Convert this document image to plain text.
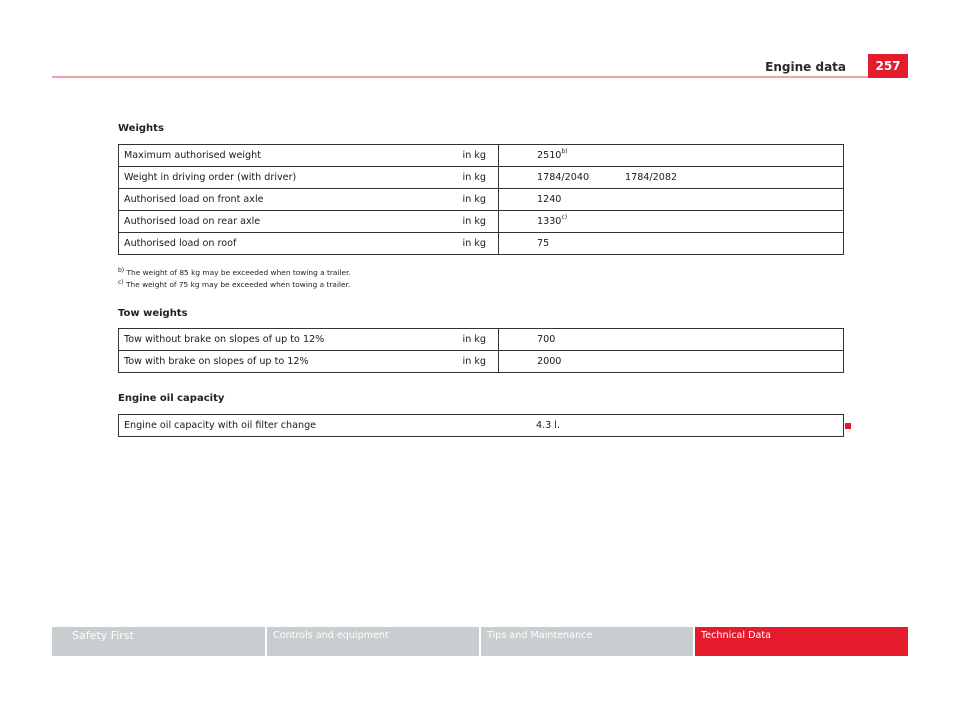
Engine data	257
Weights
Maximum authorised weight	in kg	2510$^{b)}$	
Weight in driving order (with driver)	in kg	1784/2040	1784/2082
Authorised load on front axle	in kg	1240	
Authorised load on rear axle	in kg	1330$^{c)}$	
Authorised load on roof	in kg	75	
$^{b)}$ The weight of 85 kg may be exceeded when towing a trailer.
$^{c)}$ The weight of 75 kg may be exceeded when towing a trailer.
Tow weights
Tow without brake on slopes of up to 12%	in kg	700	
Tow with brake on slopes of up to 12%	in kg	2000	
Engine oil capacity
Engine oil capacity with oil filter change		4.3 l.	
Safety First	Controls and equipment	Tips and Maintenance	Technical Data
